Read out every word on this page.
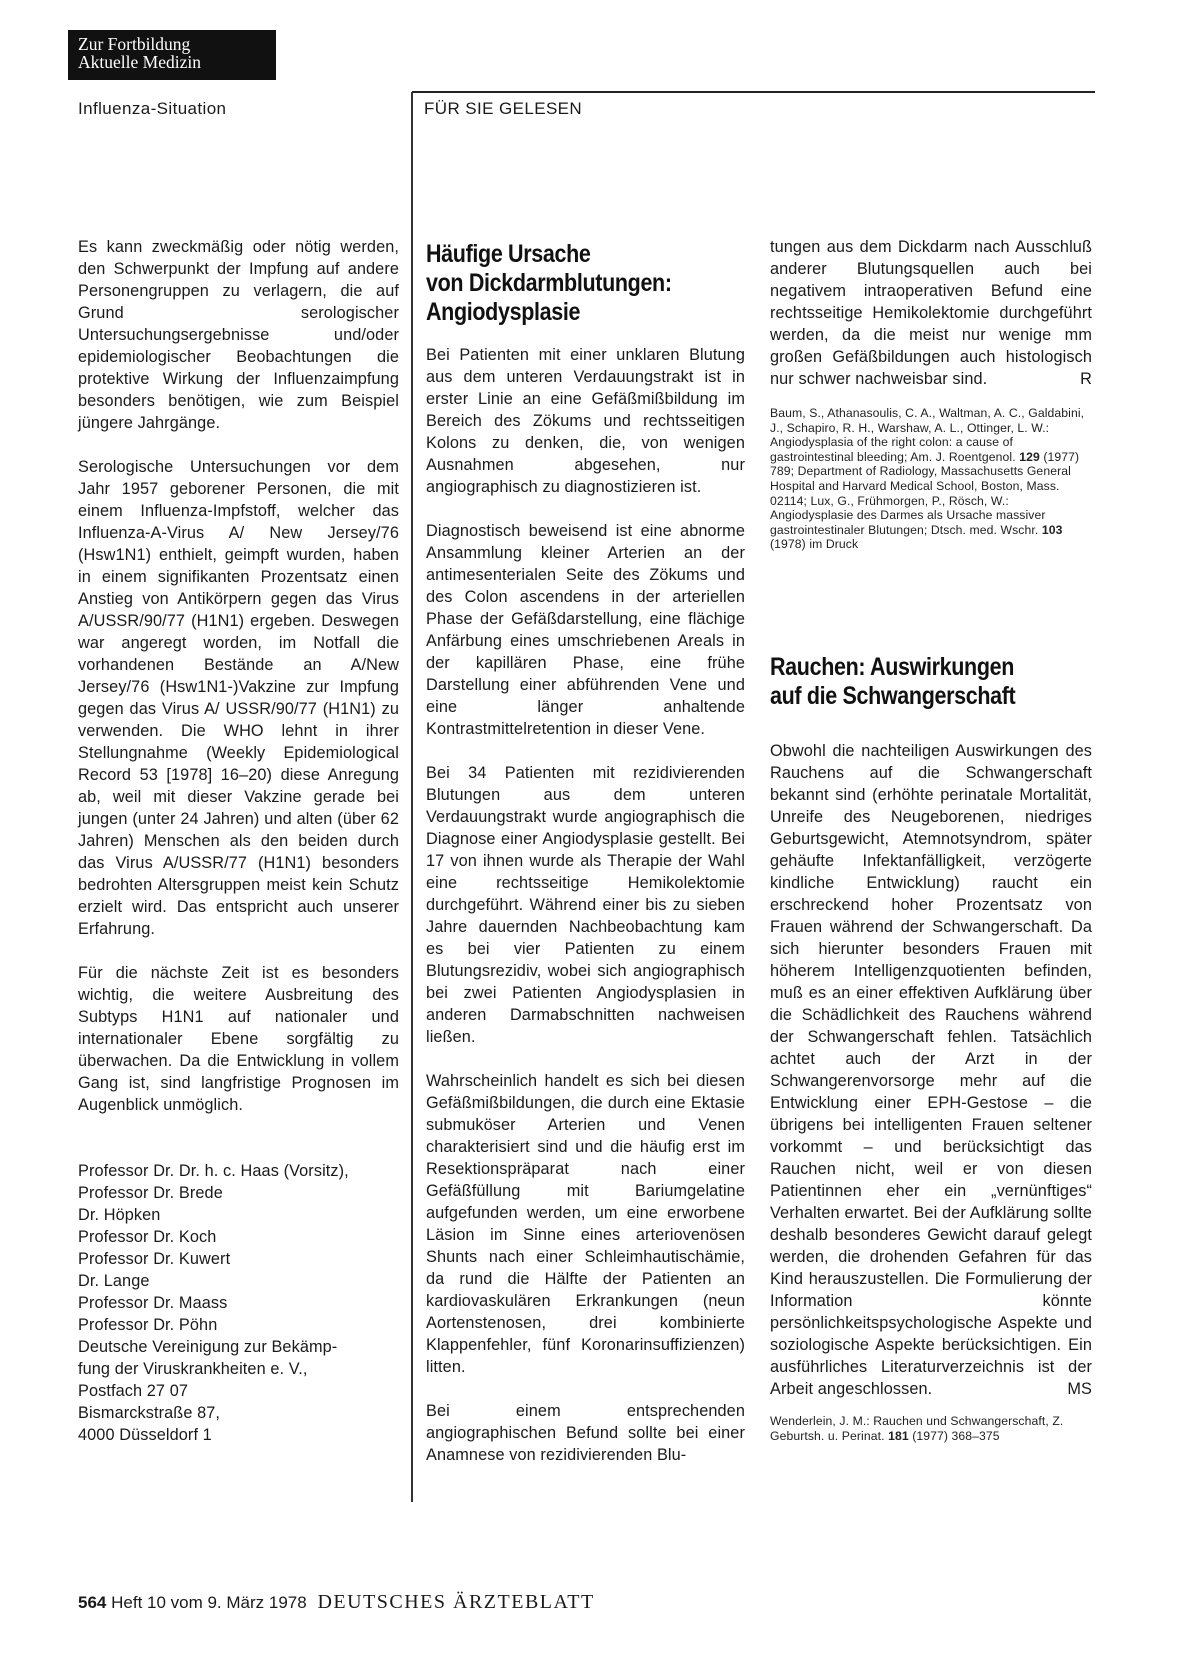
Zur Fortbildung
Aktuelle Medizin
Influenza-Situation	FÜR SIE GELESEN

Es kann zweckmäßig oder nötig werden, den Schwerpunkt der Impfung auf andere Personengruppen zu verlagern, die auf Grund serologischer Untersuchungsergebnisse und/oder epidemiologischer Beobachtungen die protektive Wirkung der Influenzaimpfung besonders benötigen, wie zum Beispiel jüngere Jahrgänge.

Serologische Untersuchungen vor dem Jahr 1957 geborener Personen, die mit einem Influenza-Impfstoff, welcher das Influenza-A-Virus A/ New Jersey/76 (Hsw1N1) enthielt, geimpft wurden, haben in einem signifikanten Prozentsatz einen Anstieg von Antikörpern gegen das Virus A/USSR/90/77 (H1N1) ergeben. Deswegen war angeregt worden, im Notfall die vorhandenen Bestände an A/New Jersey/76 (Hsw1N1-)Vakzine zur Impfung gegen das Virus A/ USSR/90/77 (H1N1) zu verwenden. Die WHO lehnt in ihrer Stellungnahme (Weekly Epidemiological Record 53 [1978] 16–20) diese Anregung ab, weil mit dieser Vakzine gerade bei jungen (unter 24 Jahren) und alten (über 62 Jahren) Menschen als den beiden durch das Virus A/USSR/77 (H1N1) besonders bedrohten Altersgruppen meist kein Schutz erzielt wird. Das entspricht auch unserer Erfahrung.

Für die nächste Zeit ist es besonders wichtig, die weitere Ausbreitung des Subtyps H1N1 auf nationaler und internationaler Ebene sorgfältig zu überwachen. Da die Entwicklung in vollem Gang ist, sind langfristige Prognosen im Augenblick unmöglich.

Professor Dr. Dr. h. c. Haas (Vorsitz),
Professor Dr. Brede
Dr. Höpken
Professor Dr. Koch
Professor Dr. Kuwert
Dr. Lange
Professor Dr. Maass
Professor Dr. Pöhn
Deutsche Vereinigung zur Bekämp-
fung der Viruskrankheiten e. V.,
Postfach 27 07
Bismarckstraße 87,
4000 Düsseldorf 1
Häufige Ursache
von Dickdarmblutungen:
Angiodysplasie

Bei Patienten mit einer unklaren Blutung aus dem unteren Verdauungstrakt ist in erster Linie an eine Gefäßmißbildung im Bereich des Zökums und rechtsseitigen Kolons zu denken, die, von wenigen Ausnahmen abgesehen, nur angiographisch zu diagnostizieren ist.

Diagnostisch beweisend ist eine abnorme Ansammlung kleiner Arterien an der antimesenterialen Seite des Zökums und des Colon ascendens in der arteriellen Phase der Gefäßdarstellung, eine flächige Anfärbung eines umschriebenen Areals in der kapillären Phase, eine frühe Darstellung einer abführenden Vene und eine länger anhaltende Kontrastmittelretention in dieser Vene.

Bei 34 Patienten mit rezidivierenden Blutungen aus dem unteren Verdauungstrakt wurde angiographisch die Diagnose einer Angiodysplasie gestellt. Bei 17 von ihnen wurde als Therapie der Wahl eine rechtsseitige Hemikolektomie durchgeführt. Während einer bis zu sieben Jahre dauernden Nachbeobachtung kam es bei vier Patienten zu einem Blutungsrezidiv, wobei sich angiographisch bei zwei Patienten Angiodysplasien in anderen Darmabschnitten nachweisen ließen.

Wahrscheinlich handelt es sich bei diesen Gefäßmißbildungen, die durch eine Ektasie submuköser Arterien und Venen charakterisiert sind und die häufig erst im Resektionspräparat nach einer Gefäßfüllung mit Bariumgelatine aufgefunden werden, um eine erworbene Läsion im Sinne eines arteriovenösen Shunts nach einer Schleimhautischämie, da rund die Hälfte der Patienten an kardiovaskulären Erkrankungen (neun Aortenstenosen, drei kombinierte Klappenfehler, fünf Koronarinsuffizienzen) litten.

Bei einem entsprechenden angiographischen Befund sollte bei einer Anamnese von rezidivierenden Blu-

tungen aus dem Dickdarm nach Ausschluß anderer Blutungsquellen auch bei negativem intraoperativen Befund eine rechtsseitige Hemikolektomie durchgeführt werden, da die meist nur wenige mm großen Gefäßbildungen auch histologisch nur schwer nachweisbar sind.	R

Baum, S., Athanasoulis, C. A., Waltman, A. C., Galdabini, J., Schapiro, R. H., Warshaw, A. L., Ottinger, L. W.: Angiodysplasia of the right colon: a cause of gastrointestinal bleeding; Am. J. Roentgenol. 129 (1977) 789; Department of Radiology, Massachusetts General Hospital and Harvard Medical School, Boston, Mass. 02114; Lux, G., Frühmorgen, P., Rösch, W.: Angiodysplasie des Darmes als Ursache massiver gastrointestinaler Blutungen; Dtsch. med. Wschr. 103 (1978) im Druck
Rauchen: Auswirkungen
auf die Schwangerschaft

Obwohl die nachteiligen Auswirkungen des Rauchens auf die Schwangerschaft bekannt sind (erhöhte perinatale Mortalität, Unreife des Neugeborenen, niedriges Geburtsgewicht, Atemnotsyndrom, später gehäufte Infektanfälligkeit, verzögerte kindliche Entwicklung) raucht ein erschreckend hoher Prozentsatz von Frauen während der Schwangerschaft. Da sich hierunter besonders Frauen mit höherem Intelligenzquotienten befinden, muß es an einer effektiven Aufklärung über die Schädlichkeit des Rauchens während der Schwangerschaft fehlen. Tatsächlich achtet auch der Arzt in der Schwangerenvorsorge mehr auf die Entwicklung einer EPH-Gestose – die übrigens bei intelligenten Frauen seltener vorkommt – und berücksichtigt das Rauchen nicht, weil er von diesen Patientinnen eher ein „vernünftiges“ Verhalten erwartet. Bei der Aufklärung sollte deshalb besonderes Gewicht darauf gelegt werden, die drohenden Gefahren für das Kind herauszustellen. Die Formulierung der Information könnte persönlichkeitspsychologische Aspekte und soziologische Aspekte berücksichtigen. Ein ausführliches Literaturverzeichnis ist der Arbeit angeschlossen.	MS

Wenderlein, J. M.: Rauchen und Schwangerschaft, Z. Geburtsh. u. Perinat. 181 (1977) 368–375
564 Heft 10 vom 9. März 1978 DEUTSCHES ÄRZTEBLATT
